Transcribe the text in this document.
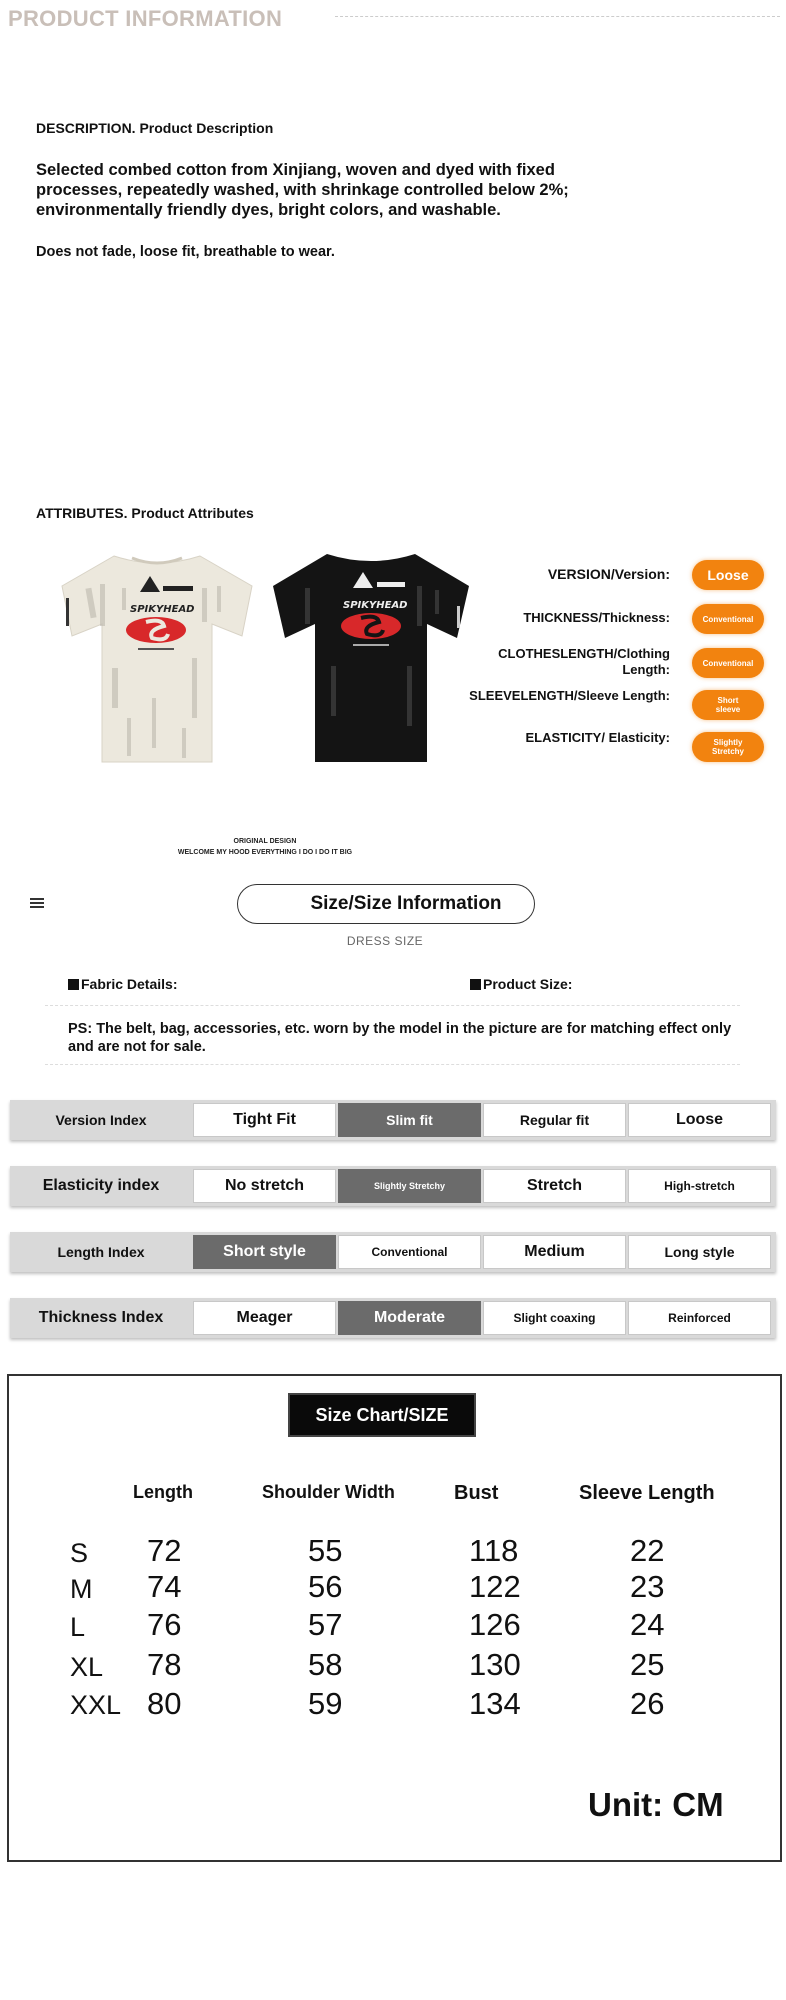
PRODUCT INFORMATION
DESCRIPTION. Product Description
Selected combed cotton from Xinjiang, woven and dyed with fixed processes, repeatedly washed, with shrinkage controlled below 2%; environmentally friendly dyes, bright colors, and washable.
Does not fade, loose fit, breathable to wear.
ATTRIBUTES. Product Attributes
SPIKYHEAD	SPIKYHEAD
ORIGINAL DESIGN
WELCOME MY HOOD EVERYTHING I DO I DO IT BIG
VERSION/Version:	Loose
THICKNESS/Thickness:	Conventional
CLOTHESLENGTH/Clothing Length:	Conventional
SLEEVELENGTH/Sleeve Length:	Short sleeve
ELASTICITY/ Elasticity:	Slightly Stretchy
Size/Size Information
DRESS SIZE
Fabric Details:	Product Size:
PS: The belt, bag, accessories, etc. worn by the model in the picture are for matching effect only and are not for sale.
Version Index	Tight Fit	Slim fit	Regular fit	Loose
Elasticity index	No stretch	Slightly Stretchy	Stretch	High-stretch
Length Index	Short style	Conventional	Medium	Long style
Thickness Index	Meager	Moderate	Slight coaxing	Reinforced
Size Chart/SIZE
Length	Shoulder Width	Bust	Sleeve Length
S 72	55	118	22
M 74	56	122	23
L 76	57	126	24
XL 78	58	130	25
XXL 80	59	134	26
Unit: CM
